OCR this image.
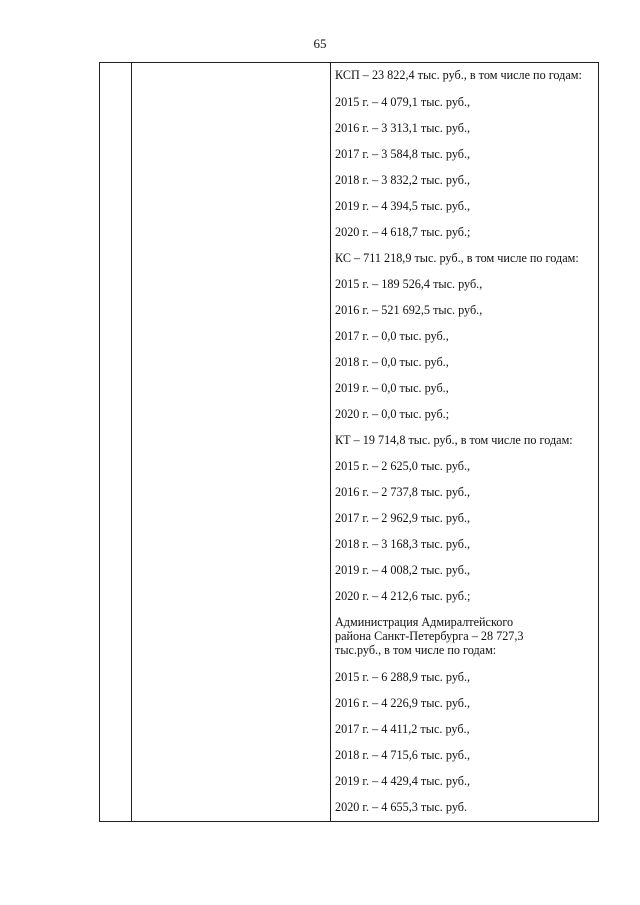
65
КСП – 23 822,4 тыс. руб., в том числе по годам:
2015 г. – 4 079,1 тыс. руб.,
2016 г. – 3 313,1 тыс. руб.,
2017 г. – 3 584,8 тыс. руб.,
2018 г. – 3 832,2 тыс. руб.,
2019 г. – 4 394,5 тыс. руб.,
2020 г. – 4 618,7 тыс. руб.;
КС – 711 218,9 тыс. руб., в том числе по годам:
2015 г. – 189 526,4 тыс. руб.,
2016 г. – 521 692,5 тыс. руб.,
2017 г. – 0,0 тыс. руб.,
2018 г. – 0,0 тыс. руб.,
2019 г. – 0,0 тыс. руб.,
2020 г. – 0,0 тыс. руб.;
КТ – 19 714,8 тыс. руб., в том числе по годам:
2015 г. – 2 625,0 тыс. руб.,
2016 г. – 2 737,8 тыс. руб.,
2017 г. – 2 962,9 тыс. руб.,
2018 г. – 3 168,3 тыс. руб.,
2019 г. – 4 008,2 тыс. руб.,
2020 г. – 4 212,6 тыс. руб.;
Администрация Адмиралтейского района Санкт-Петербурга – 28 727,3 тыс.руб., в том числе по годам:
2015 г. – 6 288,9 тыс. руб.,
2016 г. – 4 226,9 тыс. руб.,
2017 г. – 4 411,2 тыс. руб.,
2018 г. – 4 715,6 тыс. руб.,
2019 г. – 4 429,4 тыс. руб.,
2020 г. – 4 655,3 тыс. руб.
